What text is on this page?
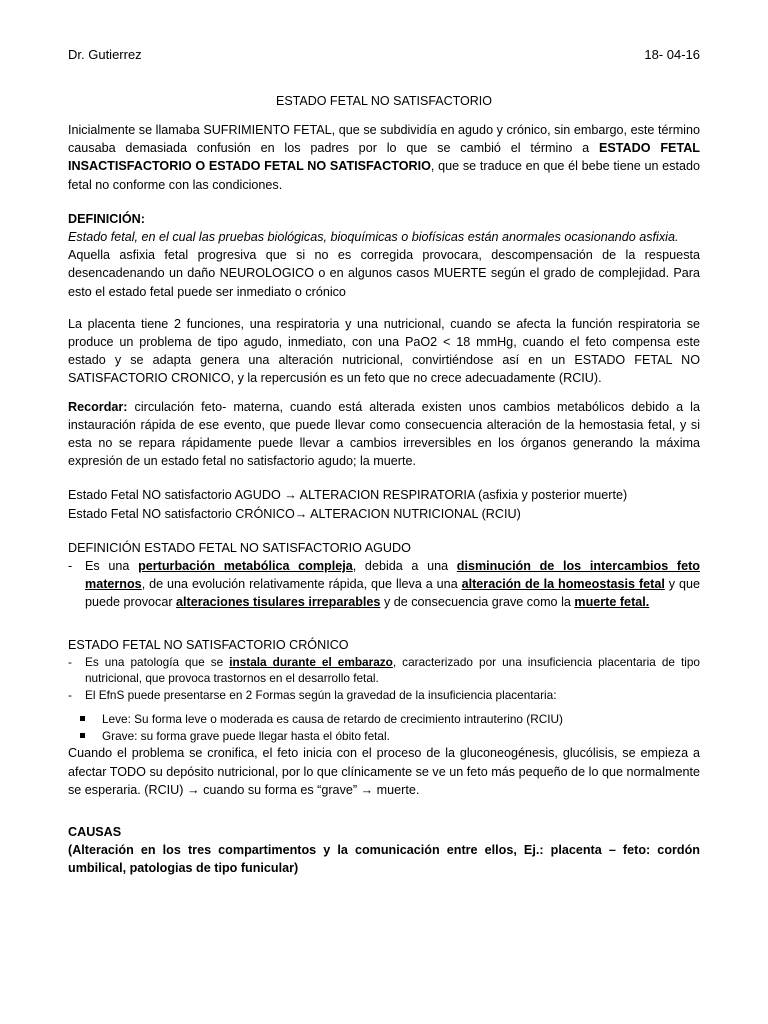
Dr. Gutierrez	18- 04-16
ESTADO FETAL NO SATISFACTORIO

Inicialmente se llamaba SUFRIMIENTO FETAL, que se subdividía en agudo y crónico, sin embargo, este término causaba demasiada confusión en los padres por lo que se cambió el término a ESTADO FETAL INSACTISFACTORIO O ESTADO FETAL NO SATISFACTORIO, que se traduce en que él bebe tiene un estado fetal no conforme con las condiciones.

DEFINICIÓN:

Estado fetal, en el cual las pruebas biológicas, bioquímicas o biofísicas están anormales ocasionando asfixia.

Aquella asfixia fetal progresiva que si no es corregida provocara, descompensación de la respuesta desencadenando un daño NEUROLOGICO o en algunos casos MUERTE según el grado de complejidad. Para esto el estado fetal puede ser inmediato o crónico

La placenta tiene 2 funciones, una respiratoria y una nutricional, cuando se afecta la función respiratoria se produce un problema de tipo agudo, inmediato, con una PaO2 < 18 mmHg, cuando el feto compensa este estado y se adapta genera una alteración nutricional, convirtiéndose así en un ESTADO FETAL NO SATISFACTORIO CRONICO, y la repercusión es un feto que no crece adecuadamente (RCIU).

Recordar: circulación feto- materna, cuando está alterada existen unos cambios metabólicos debido a la instauración rápida de ese evento, que puede llevar como consecuencia alteración de la hemostasia fetal, y si esta no se repara rápidamente puede llevar a cambios irreversibles en los órganos generando la máxima expresión de un estado fetal no satisfactorio agudo; la muerte.

Estado Fetal NO satisfactorio AGUDO → ALTERACION RESPIRATORIA (asfixia y posterior muerte)

Estado Fetal NO satisfactorio CRÓNICO→ ALTERACION NUTRICIONAL (RCIU)

DEFINICIÓN ESTADO FETAL NO SATISFACTORIO AGUDO

- Es una perturbación metabólica compleja, debida a una disminución de los intercambios feto maternos, de una evolución relativamente rápida, que lleva a una alteración de la homeostasis fetal y que puede provocar alteraciones tisulares irreparables y de consecuencia grave como la muerte fetal.

ESTADO FETAL NO SATISFACTORIO CRÓNICO

- Es una patología que se instala durante el embarazo, caracterizado por una insuficiencia placentaria de tipo nutricional, que provoca trastornos en el desarrollo fetal.
- El EfnS puede presentarse en 2 Formas según la gravedad de la insuficiencia placentaria:
Leve: Su forma leve o moderada es causa de retardo de crecimiento intrauterino (RCIU)
Grave: su forma grave puede llegar hasta el óbito fetal.

Cuando el problema se cronifica, el feto inicia con el proceso de la gluconeogénesis, glucólisis, se empieza a afectar TODO su depósito nutricional, por lo que clínicamente se ve un feto más pequeño de lo que normalmente se esperaria. (RCIU) → cuando su forma es “grave” → muerte.

CAUSAS

(Alteración en los tres compartimentos y la comunicación entre ellos, Ej.: placenta – feto: cordón umbilical, patologias de tipo funicular)
